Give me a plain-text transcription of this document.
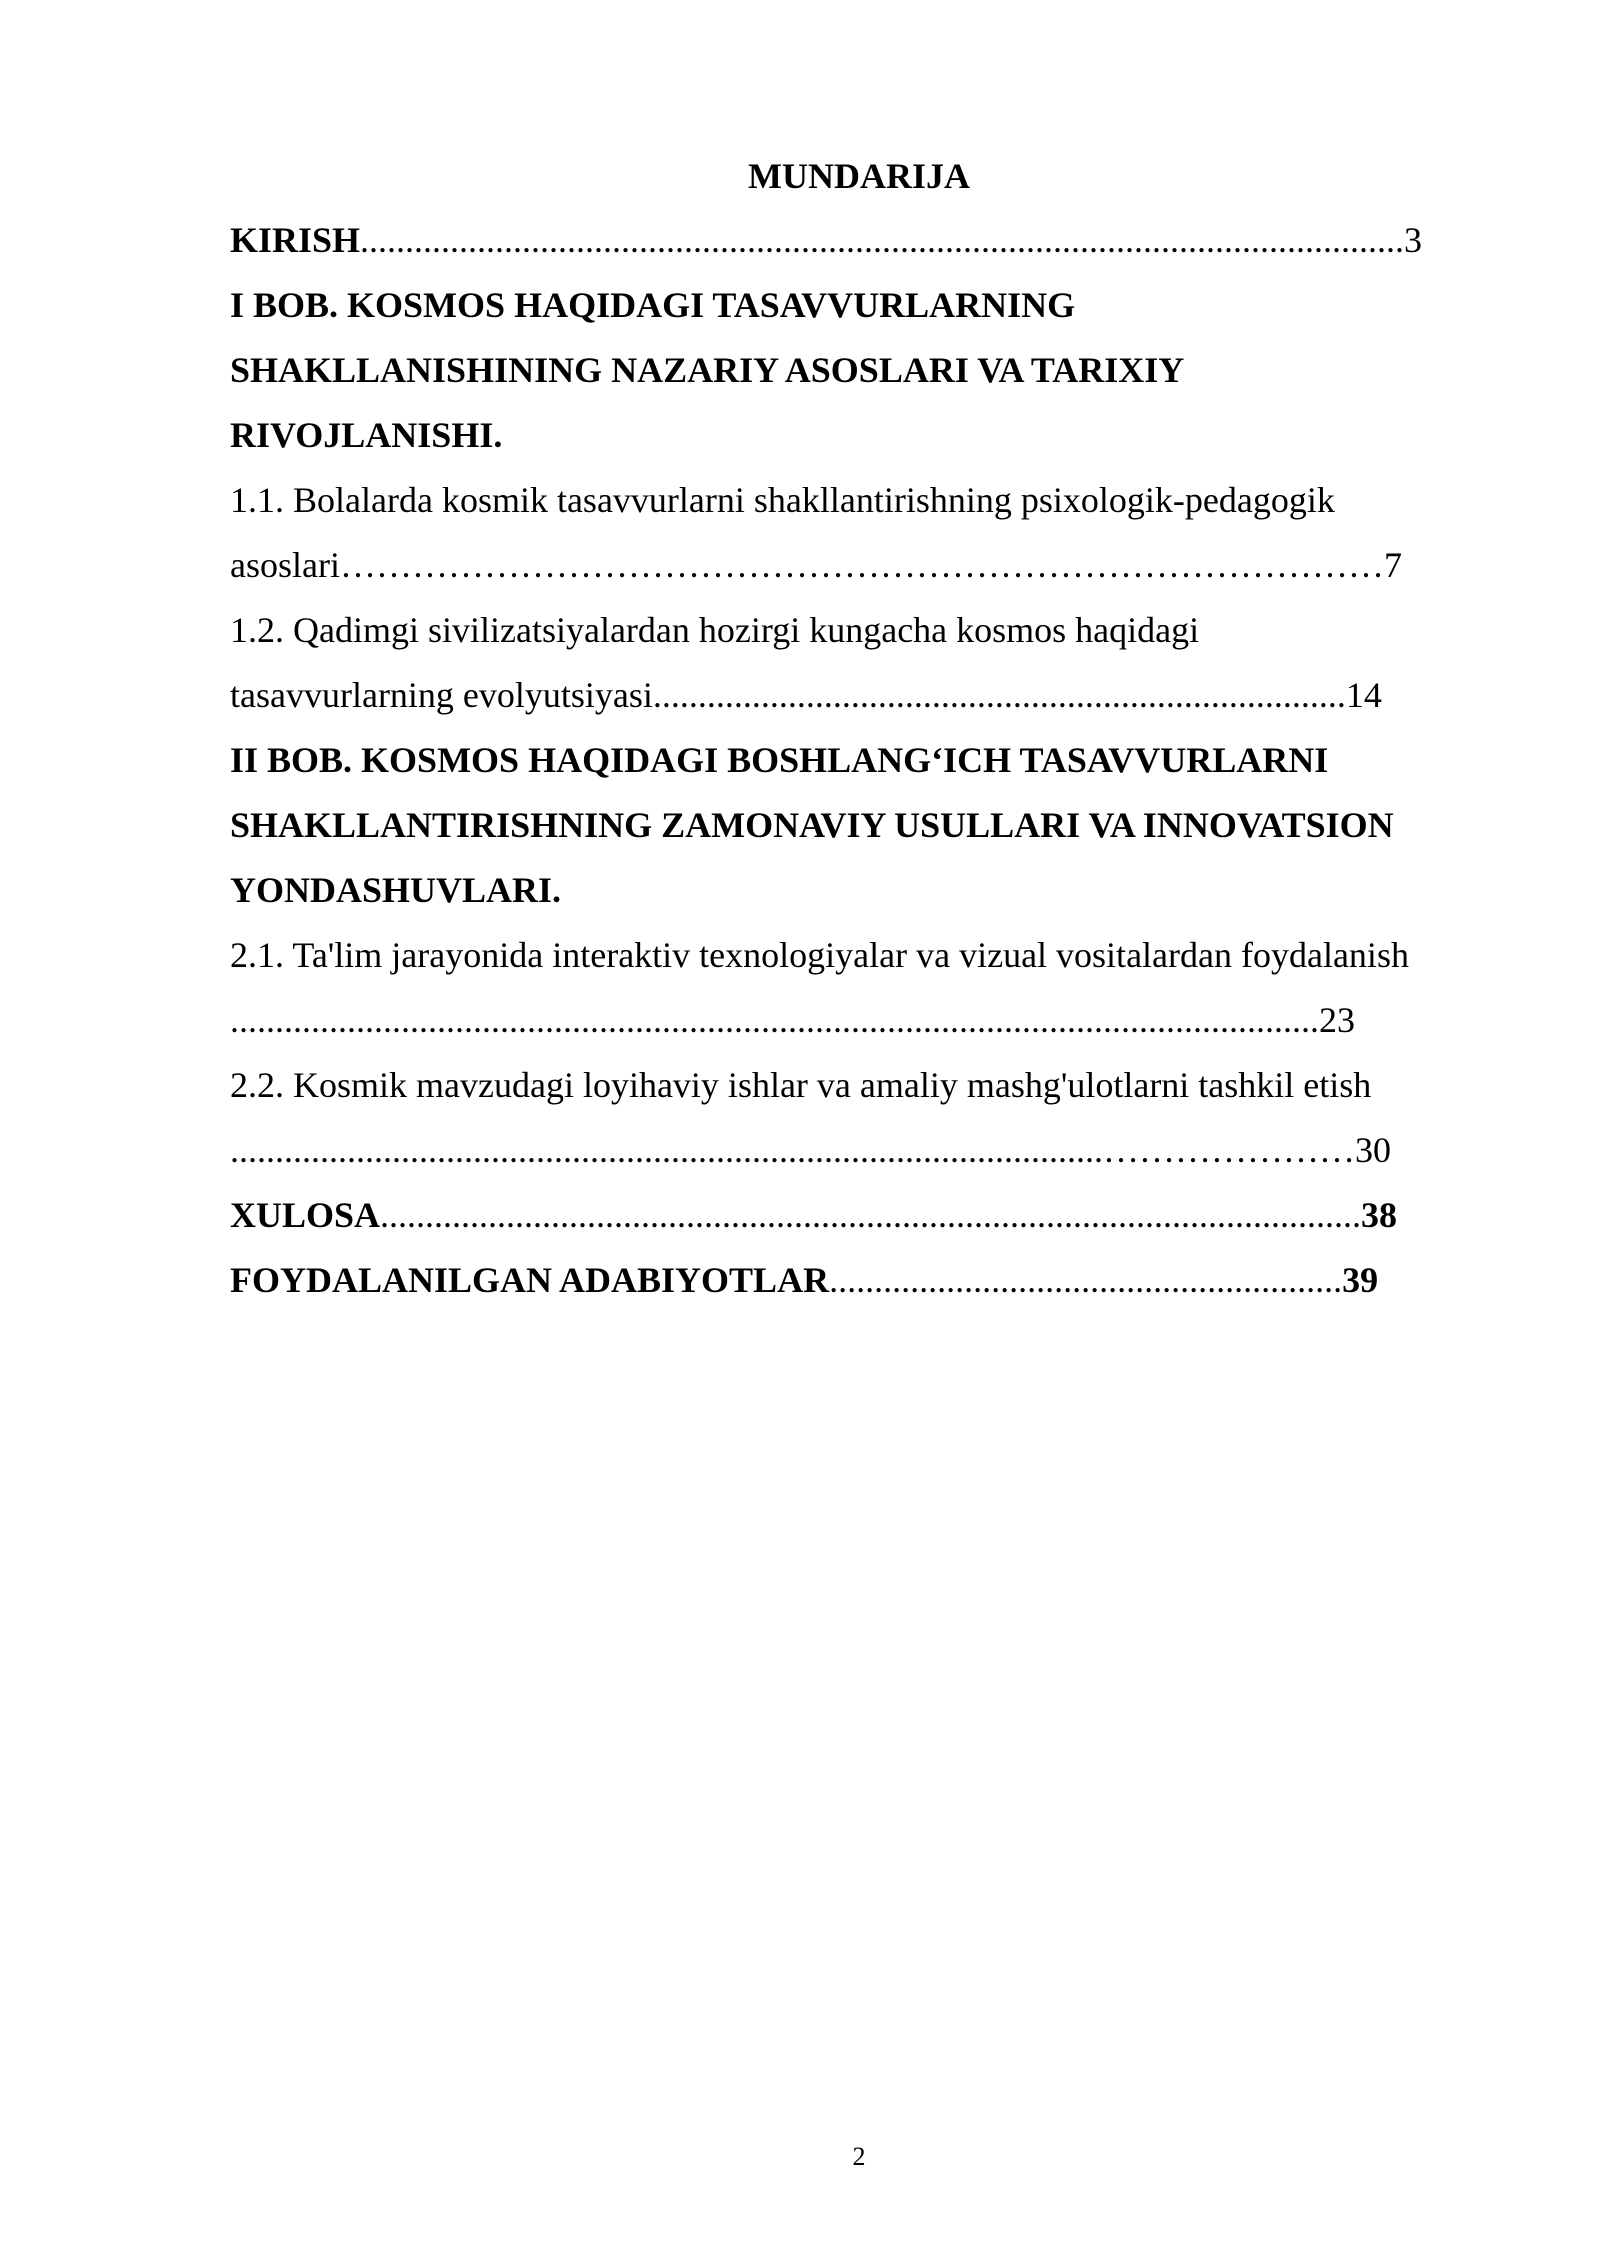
MUNDARIJA
KIRISH....................................................................................................................3
I BOB. KOSMOS HAQIDAGI TASAVVURLARNING
SHAKLLANISHINING NAZARIY ASOSLARI VA TARIXIY
RIVOJLANISHI.
1.1. Bolalarda kosmik tasavvurlarni shakllantirishning psixologik-pedagogik
asoslari……………………………………………………………………………7
1.2. Qadimgi sivilizatsiyalardan hozirgi kungacha kosmos haqidagi
tasavvurlarning evolyutsiyasi.............................................................................14
II BOB. KOSMOS HAQIDAGI BOSHLANG‘ICH TASAVVURLARNI
SHAKLLANTIRISHNING ZAMONAVIY USULLARI VA INNOVATSION
YONDASHUVLARI.
2.1. Ta'lim jarayonida interaktiv texnologiyalar va vizual vositalardan foydalanish
.........................................................................................................................23
2.2. Kosmik mavzudagi loyihaviy ishlar va amaliy mashg'ulotlarni tashkil etish
.................................................................................................…………………30
XULOSA.............................................................................................................38
FOYDALANILGAN ADABIYOTLAR.........................................................39
2
